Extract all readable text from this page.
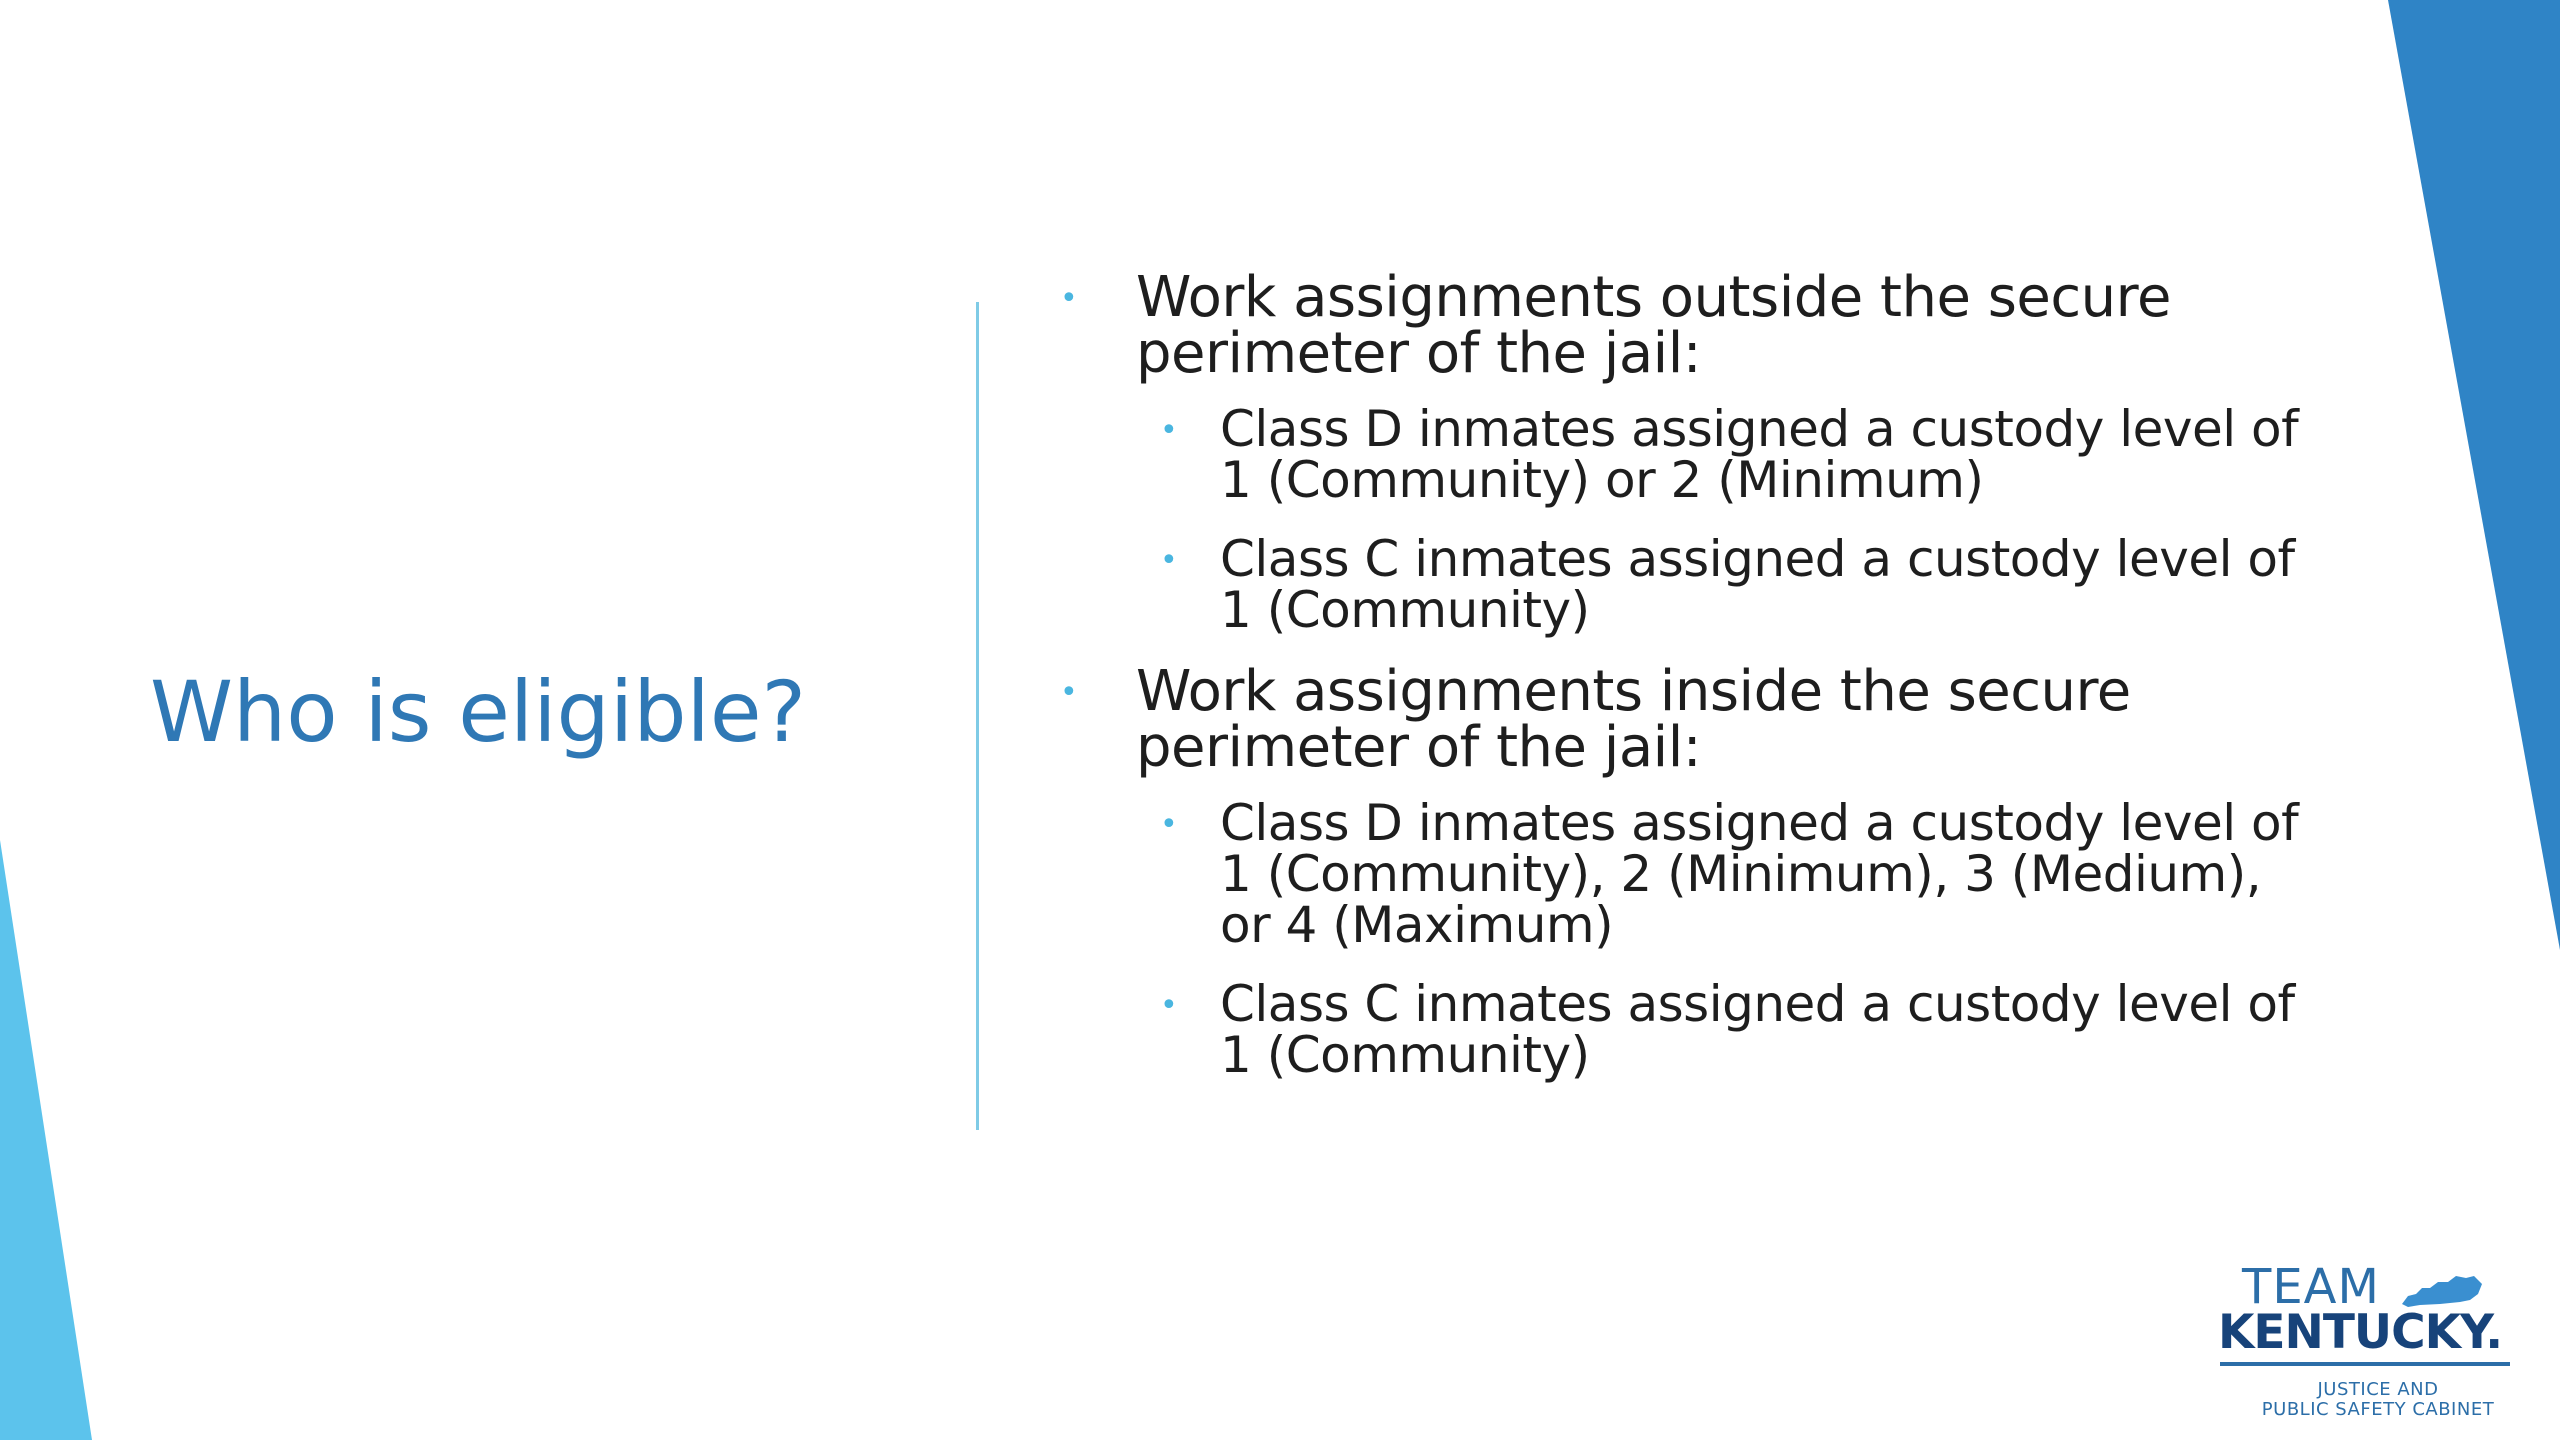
Who is eligible?
• Work assignments outside the secure
perimeter of the jail:
• Class D inmates assigned a custody level of
1 (Community) or 2 (Minimum)
• Class C inmates assigned a custody level of
1 (Community)
• Work assignments inside the secure
perimeter of the jail:
• Class D inmates assigned a custody level of
1 (Community), 2 (Minimum), 3 (Medium),
or 4 (Maximum)
• Class C inmates assigned a custody level of
1 (Community)
TEAM
KENTUCKY.
JUSTICE AND
PUBLIC SAFETY CABINET
